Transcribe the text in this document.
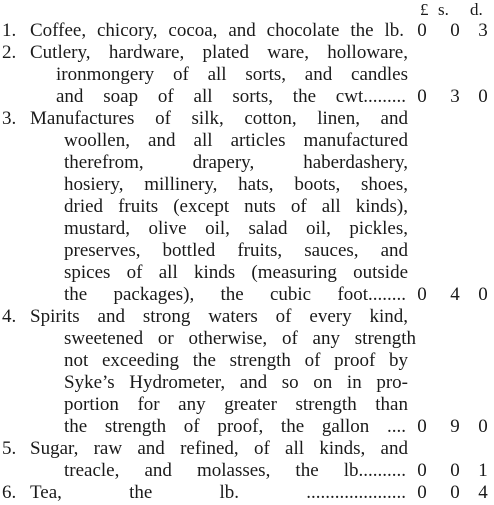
£ s. d.
1. Coffee, chicory, cocoa, and chocolate the lb. 0 0 3
2. Cutlery, hardware, plated ware, holloware,
ironmongery of all sorts, and candles
and soap of all sorts, the cwt......... 0 3 0
3. Manufactures of silk, cotton, linen, and
woollen, and all articles manufactured
therefrom, drapery, haberdashery,
hosiery, millinery, hats, boots, shoes,
dried fruits (except nuts of all kinds),
mustard, olive oil, salad oil, pickles,
preserves, bottled fruits, sauces, and
spices of all kinds (measuring outside
the packages), the cubic foot........ 0 4 0
4. Spirits and strong waters of every kind,
sweetened or otherwise, of any strength
not exceeding the strength of proof by
Syke’s Hydrometer, and so on in pro-
portion for any greater strength than
the strength of proof, the gallon .... 0 9 0
5. Sugar, raw and refined, of all kinds, and
treacle, and molasses, the lb.......... 0 0 1
6. Tea, the lb. ..................... 0 0 4
